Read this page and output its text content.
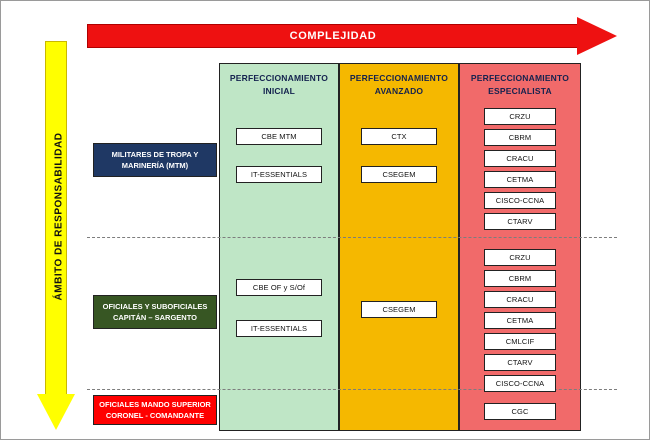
COMPLEJIDAD
ÁMBITO DE RESPONSABILIDAD
PERFECCIONAMIENTO
INICIAL
PERFECCIONAMIENTO
AVANZADO
PERFECCIONAMIENTO
ESPECIALISTA
MILITARES DE TROPA Y
MARINERÍA (MTM)
OFICIALES Y SUBOFICIALES
CAPITÁN – SARGENTO
OFICIALES MANDO SUPERIOR
CORONEL - COMANDANTE
CBE MTM
IT-ESSENTIALS
CTX
CSEGEM
CRZU
CBRM
CRACU
CETMA
CISCO-CCNA
CTARV
CBE OF y S/Of
IT-ESSENTIALS
CSEGEM
CRZU
CBRM
CRACU
CETMA
CMLCIF
CTARV
CISCO-CCNA
CGC
